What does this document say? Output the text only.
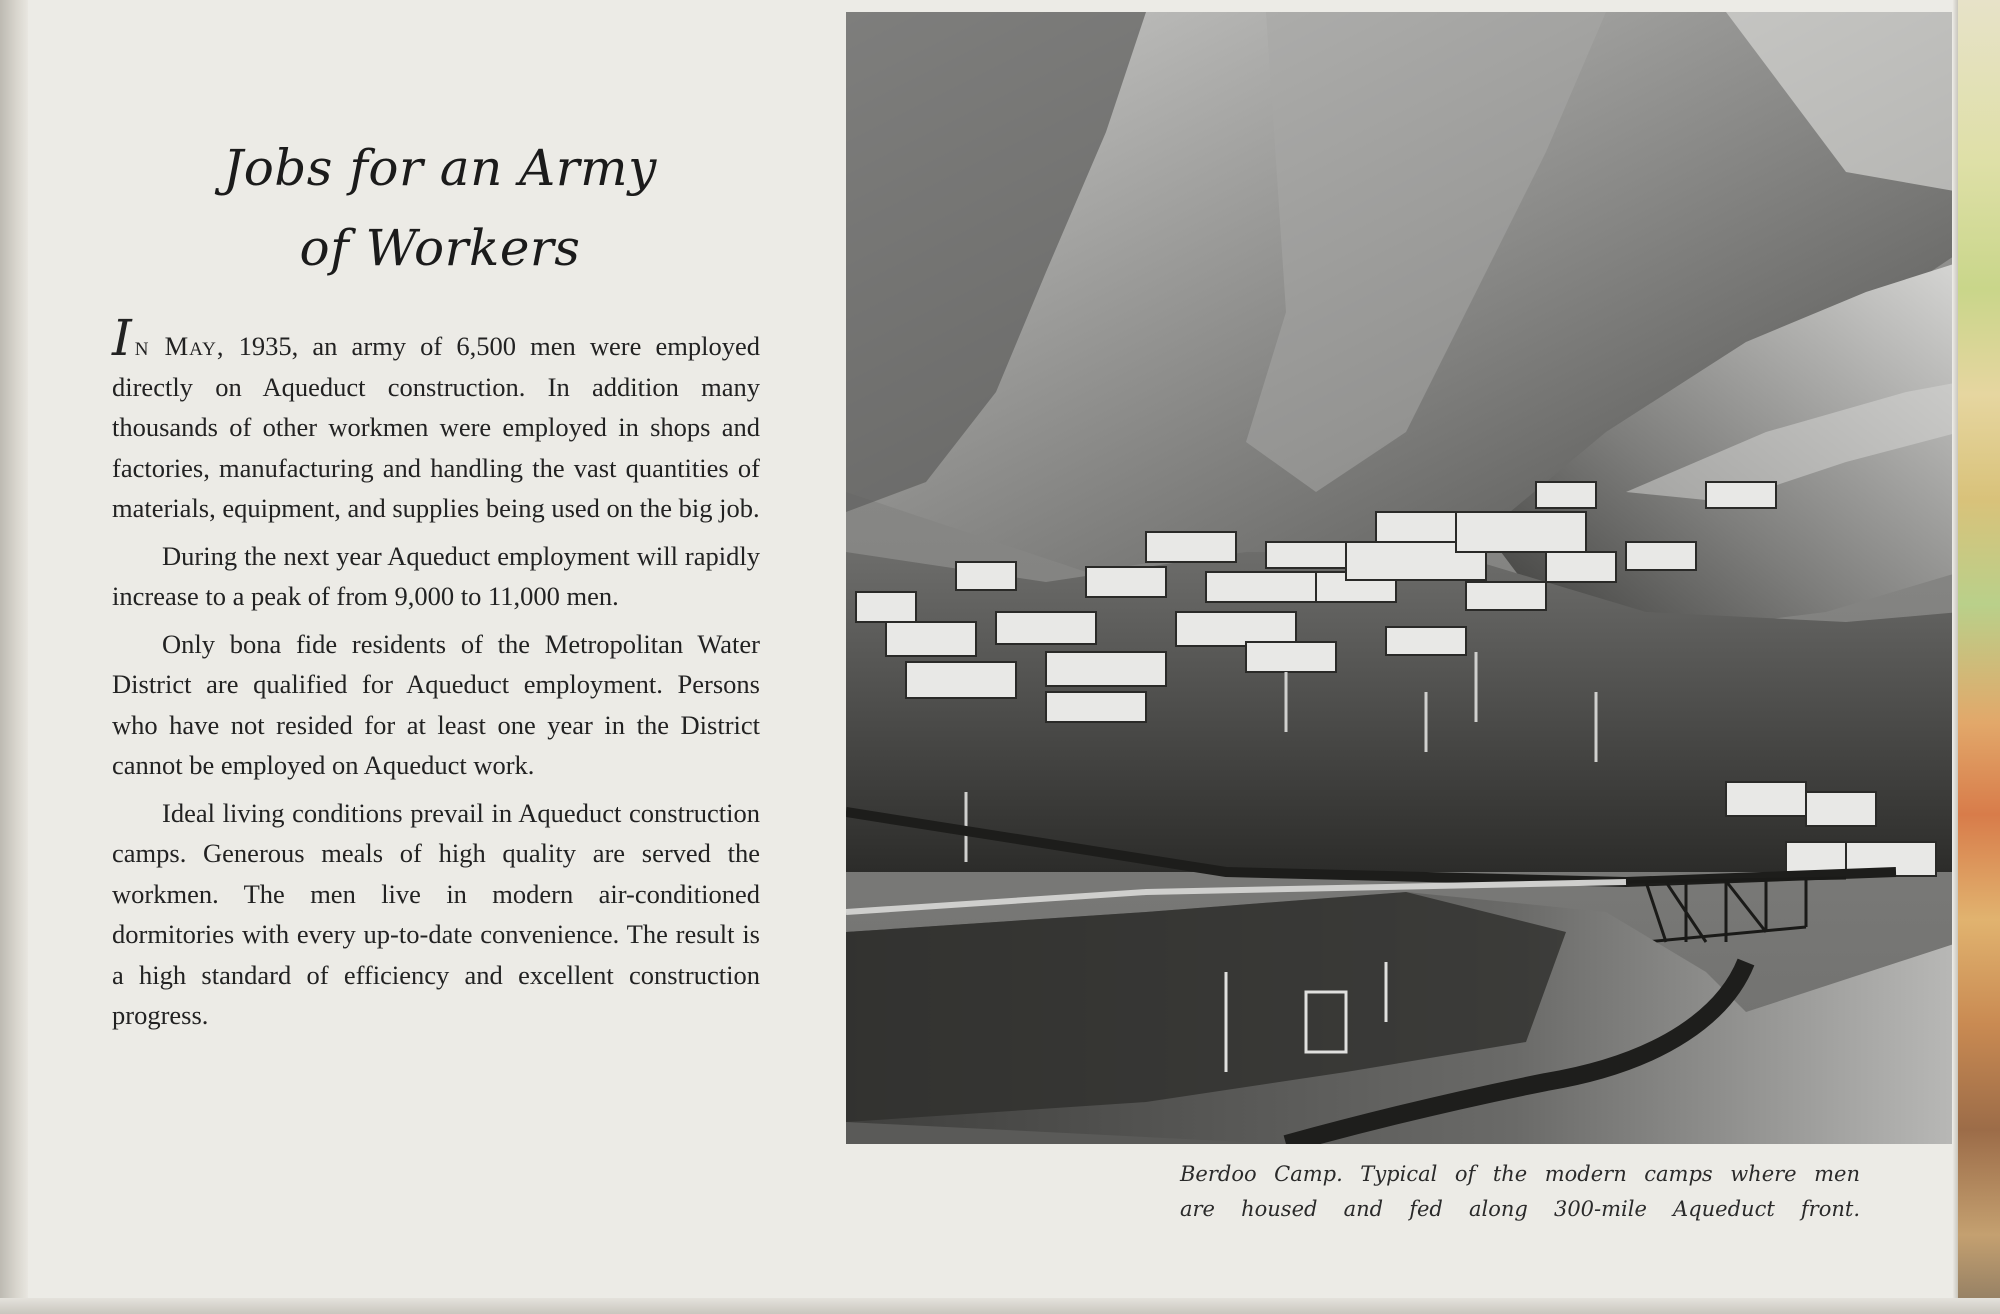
Jobs for an Army
of Workers

In May, 1935, an army of 6,500 men were employed directly on Aqueduct construction. In addition many thousands of other workmen were employed in shops and factories, manufacturing and handling the vast quantities of materials, equipment, and supplies being used on the big job.

During the next year Aqueduct employment will rapidly increase to a peak of from 9,000 to 11,000 men.

Only bona fide residents of the Metropolitan Water District are qualified for Aqueduct employment. Persons who have not resided for at least one year in the District cannot be employed on Aqueduct work.

Ideal living conditions prevail in Aqueduct construction camps. Generous meals of high quality are served the workmen. The men live in modern air-conditioned dormitories with every up-to-date convenience. The result is a high standard of efficiency and excellent construction progress.

Berdoo Camp. Typical of the modern camps where men
are housed and fed along 300-mile Aqueduct front.
